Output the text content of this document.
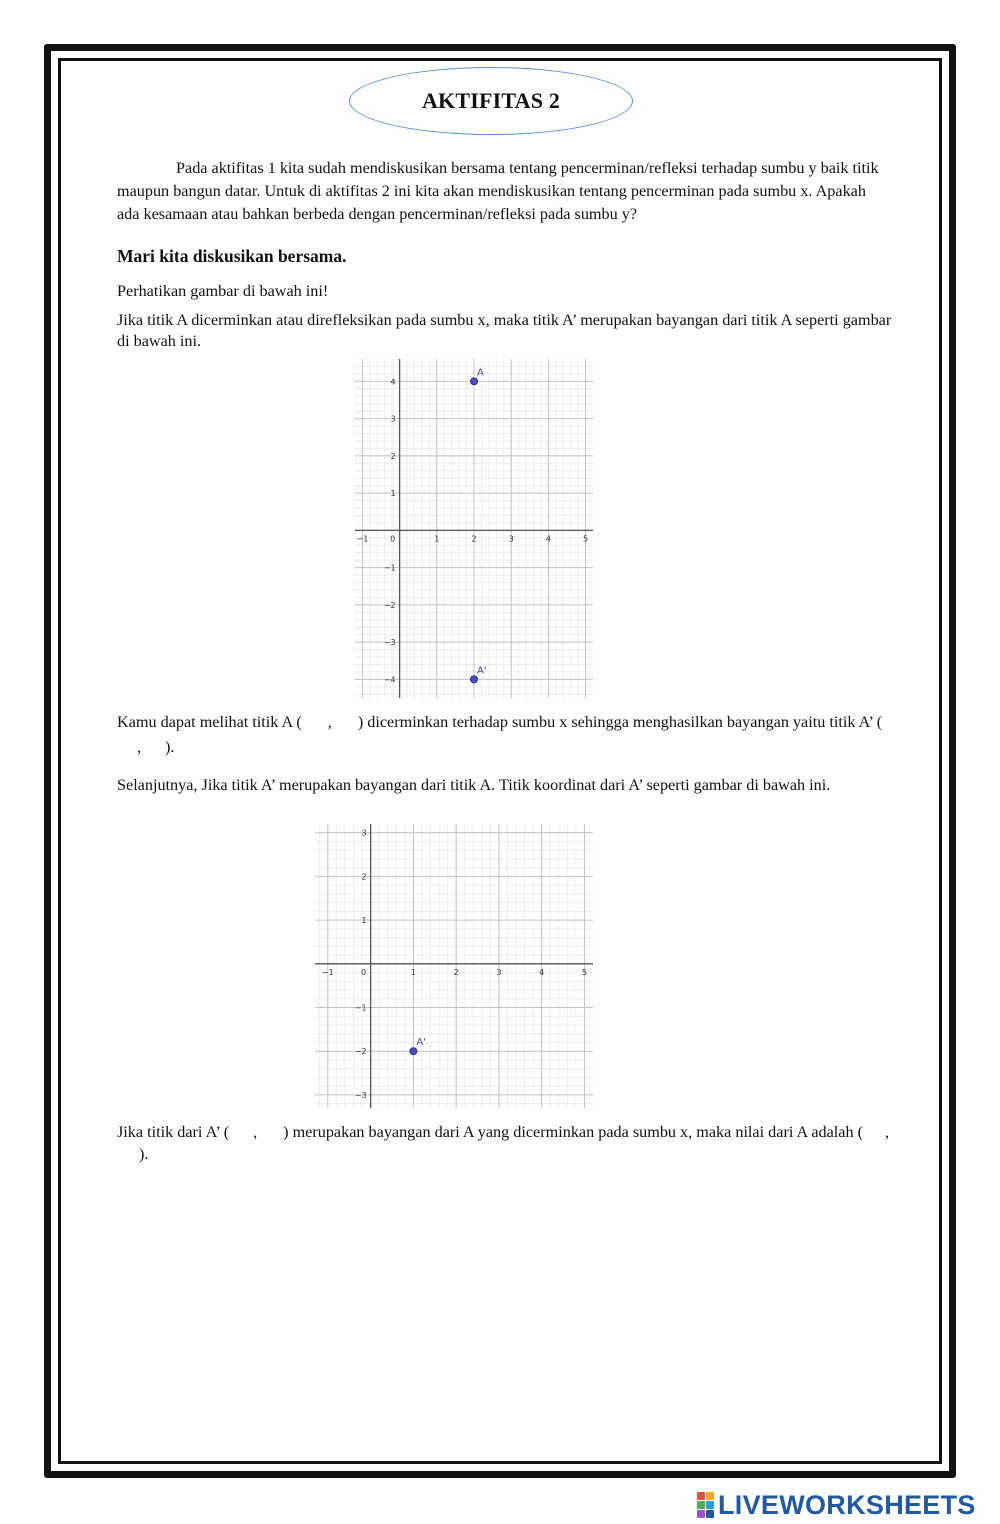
AKTIFITAS 2

Pada aktifitas 1 kita sudah mendiskusikan bersama tentang pencerminan/refleksi terhadap sumbu y baik titik maupun bangun datar. Untuk di aktifitas 2 ini kita akan mendiskusikan tentang pencerminan pada sumbu x. Apakah ada kesamaan atau bahkan berbeda dengan pencerminan/refleksi pada sumbu y?

Mari kita diskusikan bersama.

Perhatikan gambar di bawah ini!

Jika titik A dicerminkan atau direfleksikan pada sumbu x, maka titik A’ merupakan bayangan dari titik A seperti gambar di bawah ini.

−1	0	1	2	3	4	5
4
3
2
1
−1
−2
−3
−4
A
A'

Kamu dapat melihat titik A ( , ) dicerminkan terhadap sumbu x sehingga menghasilkan bayangan yaitu titik A’ (, ).

Selanjutnya, Jika titik A’ merupakan bayangan dari titik A. Titik koordinat dari A’ seperti gambar di bawah ini.

−1	0	1	2	3	4	5
3
2
1
−1
−2
−3
A'

Jika titik dari A’ ( , ) merupakan bayangan dari A yang dicerminkan pada sumbu x, maka nilai dari A adalah ( ,).

LIVEWORKSHEETS
